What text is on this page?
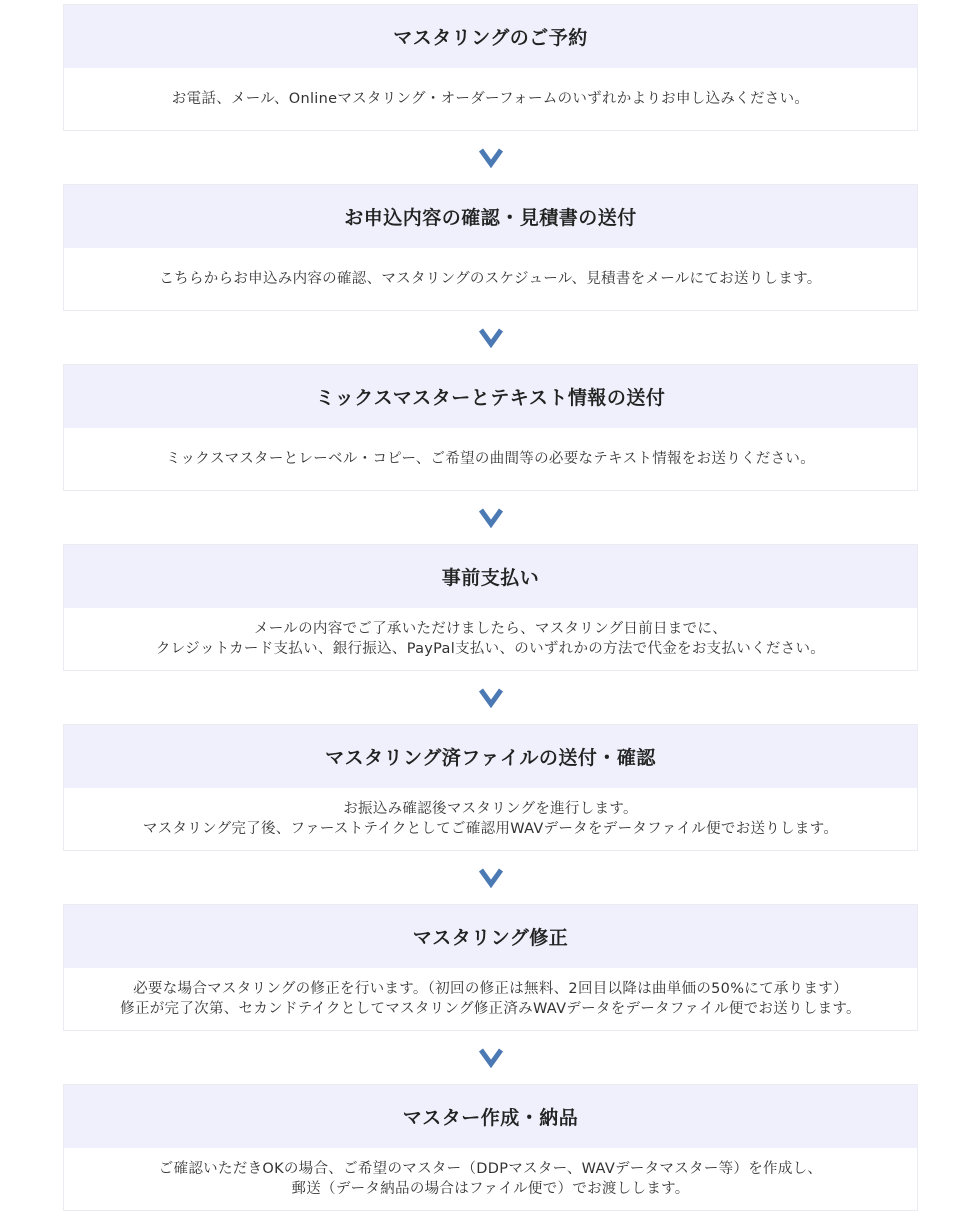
マスタリングのご予約
お電話、メール、Onlineマスタリング・オーダーフォームのいずれかよりお申し込みください。
お申込内容の確認・見積書の送付
こちらからお申込み内容の確認、マスタリングのスケジュール、見積書をメールにてお送りします。
ミックスマスターとテキスト情報の送付
ミックスマスターとレーベル・コピー、ご希望の曲間等の必要なテキスト情報をお送りください。
事前支払い
メールの内容でご了承いただけましたら、マスタリング日前日までに、
クレジットカード支払い、銀行振込、PayPal支払い、のいずれかの方法で代金をお支払いください。
マスタリング済ファイルの送付・確認
お振込み確認後マスタリングを進行します。
マスタリング完了後、ファーストテイクとしてご確認用WAVデータをデータファイル便でお送りします。
マスタリング修正
必要な場合マスタリングの修正を行います。（初回の修正は無料、2回目以降は曲単価の50%にて承ります）
修正が完了次第、セカンドテイクとしてマスタリング修正済みWAVデータをデータファイル便でお送りします。
マスター作成・納品
ご確認いただきOKの場合、ご希望のマスター（DDPマスター、WAVデータマスター等）を作成し、
郵送（データ納品の場合はファイル便で）でお渡しします。
